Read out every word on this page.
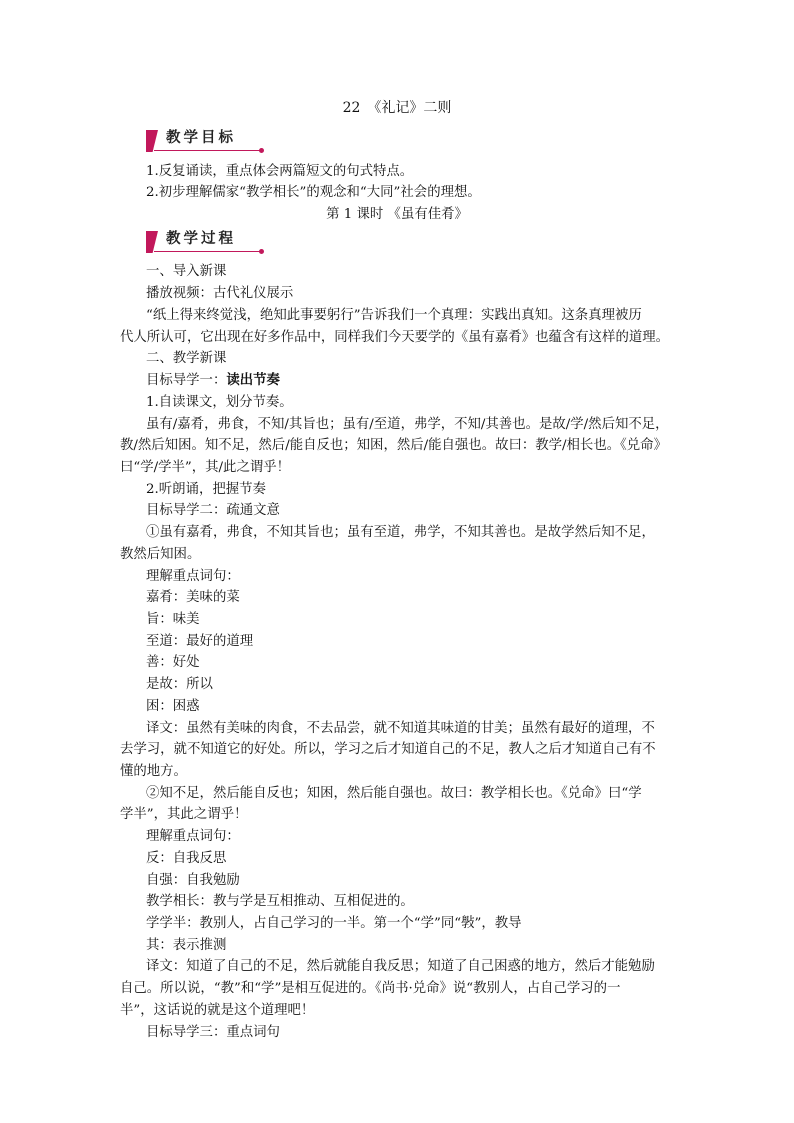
22　《礼记》二则
教学目标
1.反复诵读，重点体会两篇短文的句式特点。
2.初步理解儒家“教学相长”的观念和“大同”社会的理想。
第 1 课时 《虽有佳肴》
教学过程
一、导入新课
播放视频：古代礼仪展示
“纸上得来终觉浅，绝知此事要躬行”告诉我们一个真理：实践出真知。这条真理被历
代人所认可，它出现在好多作品中，同样我们今天要学的《虽有嘉肴》也蕴含有这样的道理。
二、教学新课
目标导学一：读出节奏
1.自读课文，划分节奏。
虽有/嘉肴，弗食，不知/其旨也；虽有/至道，弗学，不知/其善也。是故/学/然后知不足，
教/然后知困。知不足，然后/能自反也；知困，然后/能自强也。故曰：教学/相长也。《兑命》
曰“学/学半”，其/此之谓乎！
2.听朗诵，把握节奏
目标导学二：疏通文意
①虽有嘉肴，弗食，不知其旨也；虽有至道，弗学，不知其善也。是故学然后知不足，
教然后知困。
理解重点词句：
嘉肴：美味的菜
旨：味美
至道：最好的道理
善：好处
是故：所以
困：困惑
译文：虽然有美味的肉食，不去品尝，就不知道其味道的甘美；虽然有最好的道理，不
去学习，就不知道它的好处。所以，学习之后才知道自己的不足，教人之后才知道自己有不
懂的地方。
②知不足，然后能自反也；知困，然后能自强也。故曰：教学相长也。《兑命》曰“学
学半”，其此之谓乎！
理解重点词句：
反：自我反思
自强：自我勉励
教学相长：教与学是互相推动、互相促进的。
学学半：教别人，占自己学习的一半。第一个“学”同“斅”，教导
其：表示推测
译文：知道了自己的不足，然后就能自我反思；知道了自己困惑的地方，然后才能勉励
自己。所以说，“教”和“学”是相互促进的。《尚书·兑命》说“教别人，占自己学习的一
半”，这话说的就是这个道理吧！
目标导学三：重点词句
